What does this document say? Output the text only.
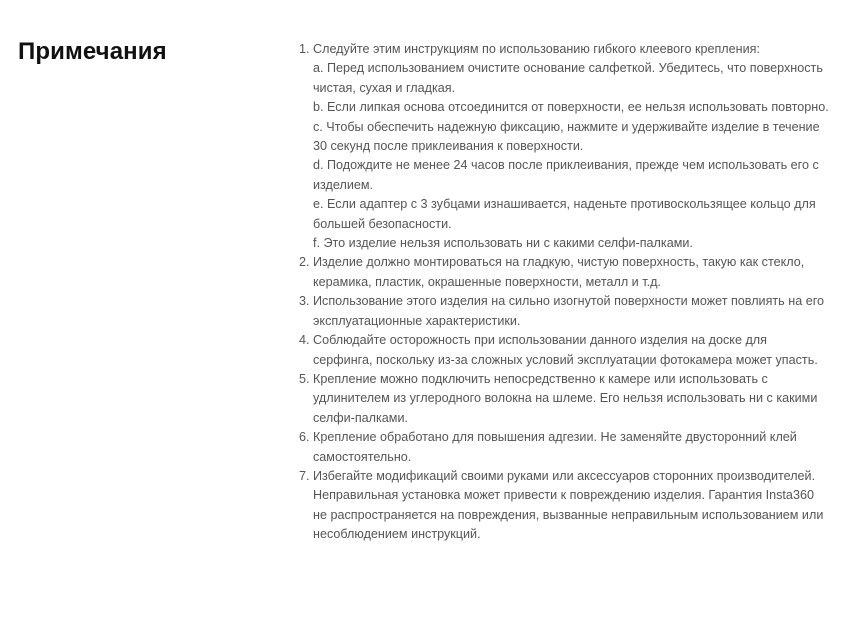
Примечания	1. Следуйте этим инструкциям по использованию гибкого клеевого крепления:
a. Перед использованием очистите основание салфеткой. Убедитесь, что поверхность чистая, сухая и гладкая.
b. Если липкая основа отсоединится от поверхности, ее нельзя использовать повторно.
c. Чтобы обеспечить надежную фиксацию, нажмите и удерживайте изделие в течение 30 секунд после приклеивания к поверхности.
d. Подождите не менее 24 часов после приклеивания, прежде чем использовать его с изделием.
e. Если адаптер с 3 зубцами изнашивается, наденьте противоскользящее кольцо для большей безопасности.
f. Это изделие нельзя использовать ни с какими селфи-палками.
2. Изделие должно монтироваться на гладкую, чистую поверхность, такую как стекло, керамика, пластик, окрашенные поверхности, металл и т.д.
3. Использование этого изделия на сильно изогнутой поверхности может повлиять на его эксплуатационные характеристики.
4. Соблюдайте осторожность при использовании данного изделия на доске для серфинга, поскольку из-за сложных условий эксплуатации фотокамера может упасть.
5. Крепление можно подключить непосредственно к камере или использовать с удлинителем из углеродного волокна на шлеме. Его нельзя использовать ни с какими селфи-палками.
6. Крепление обработано для повышения адгезии. Не заменяйте двусторонний клей самостоятельно.
7. Избегайте модификаций своими руками или аксессуаров сторонних производителей. Неправильная установка может привести к повреждению изделия. Гарантия Insta360 не распространяется на повреждения, вызванные неправильным использованием или несоблюдением инструкций.
